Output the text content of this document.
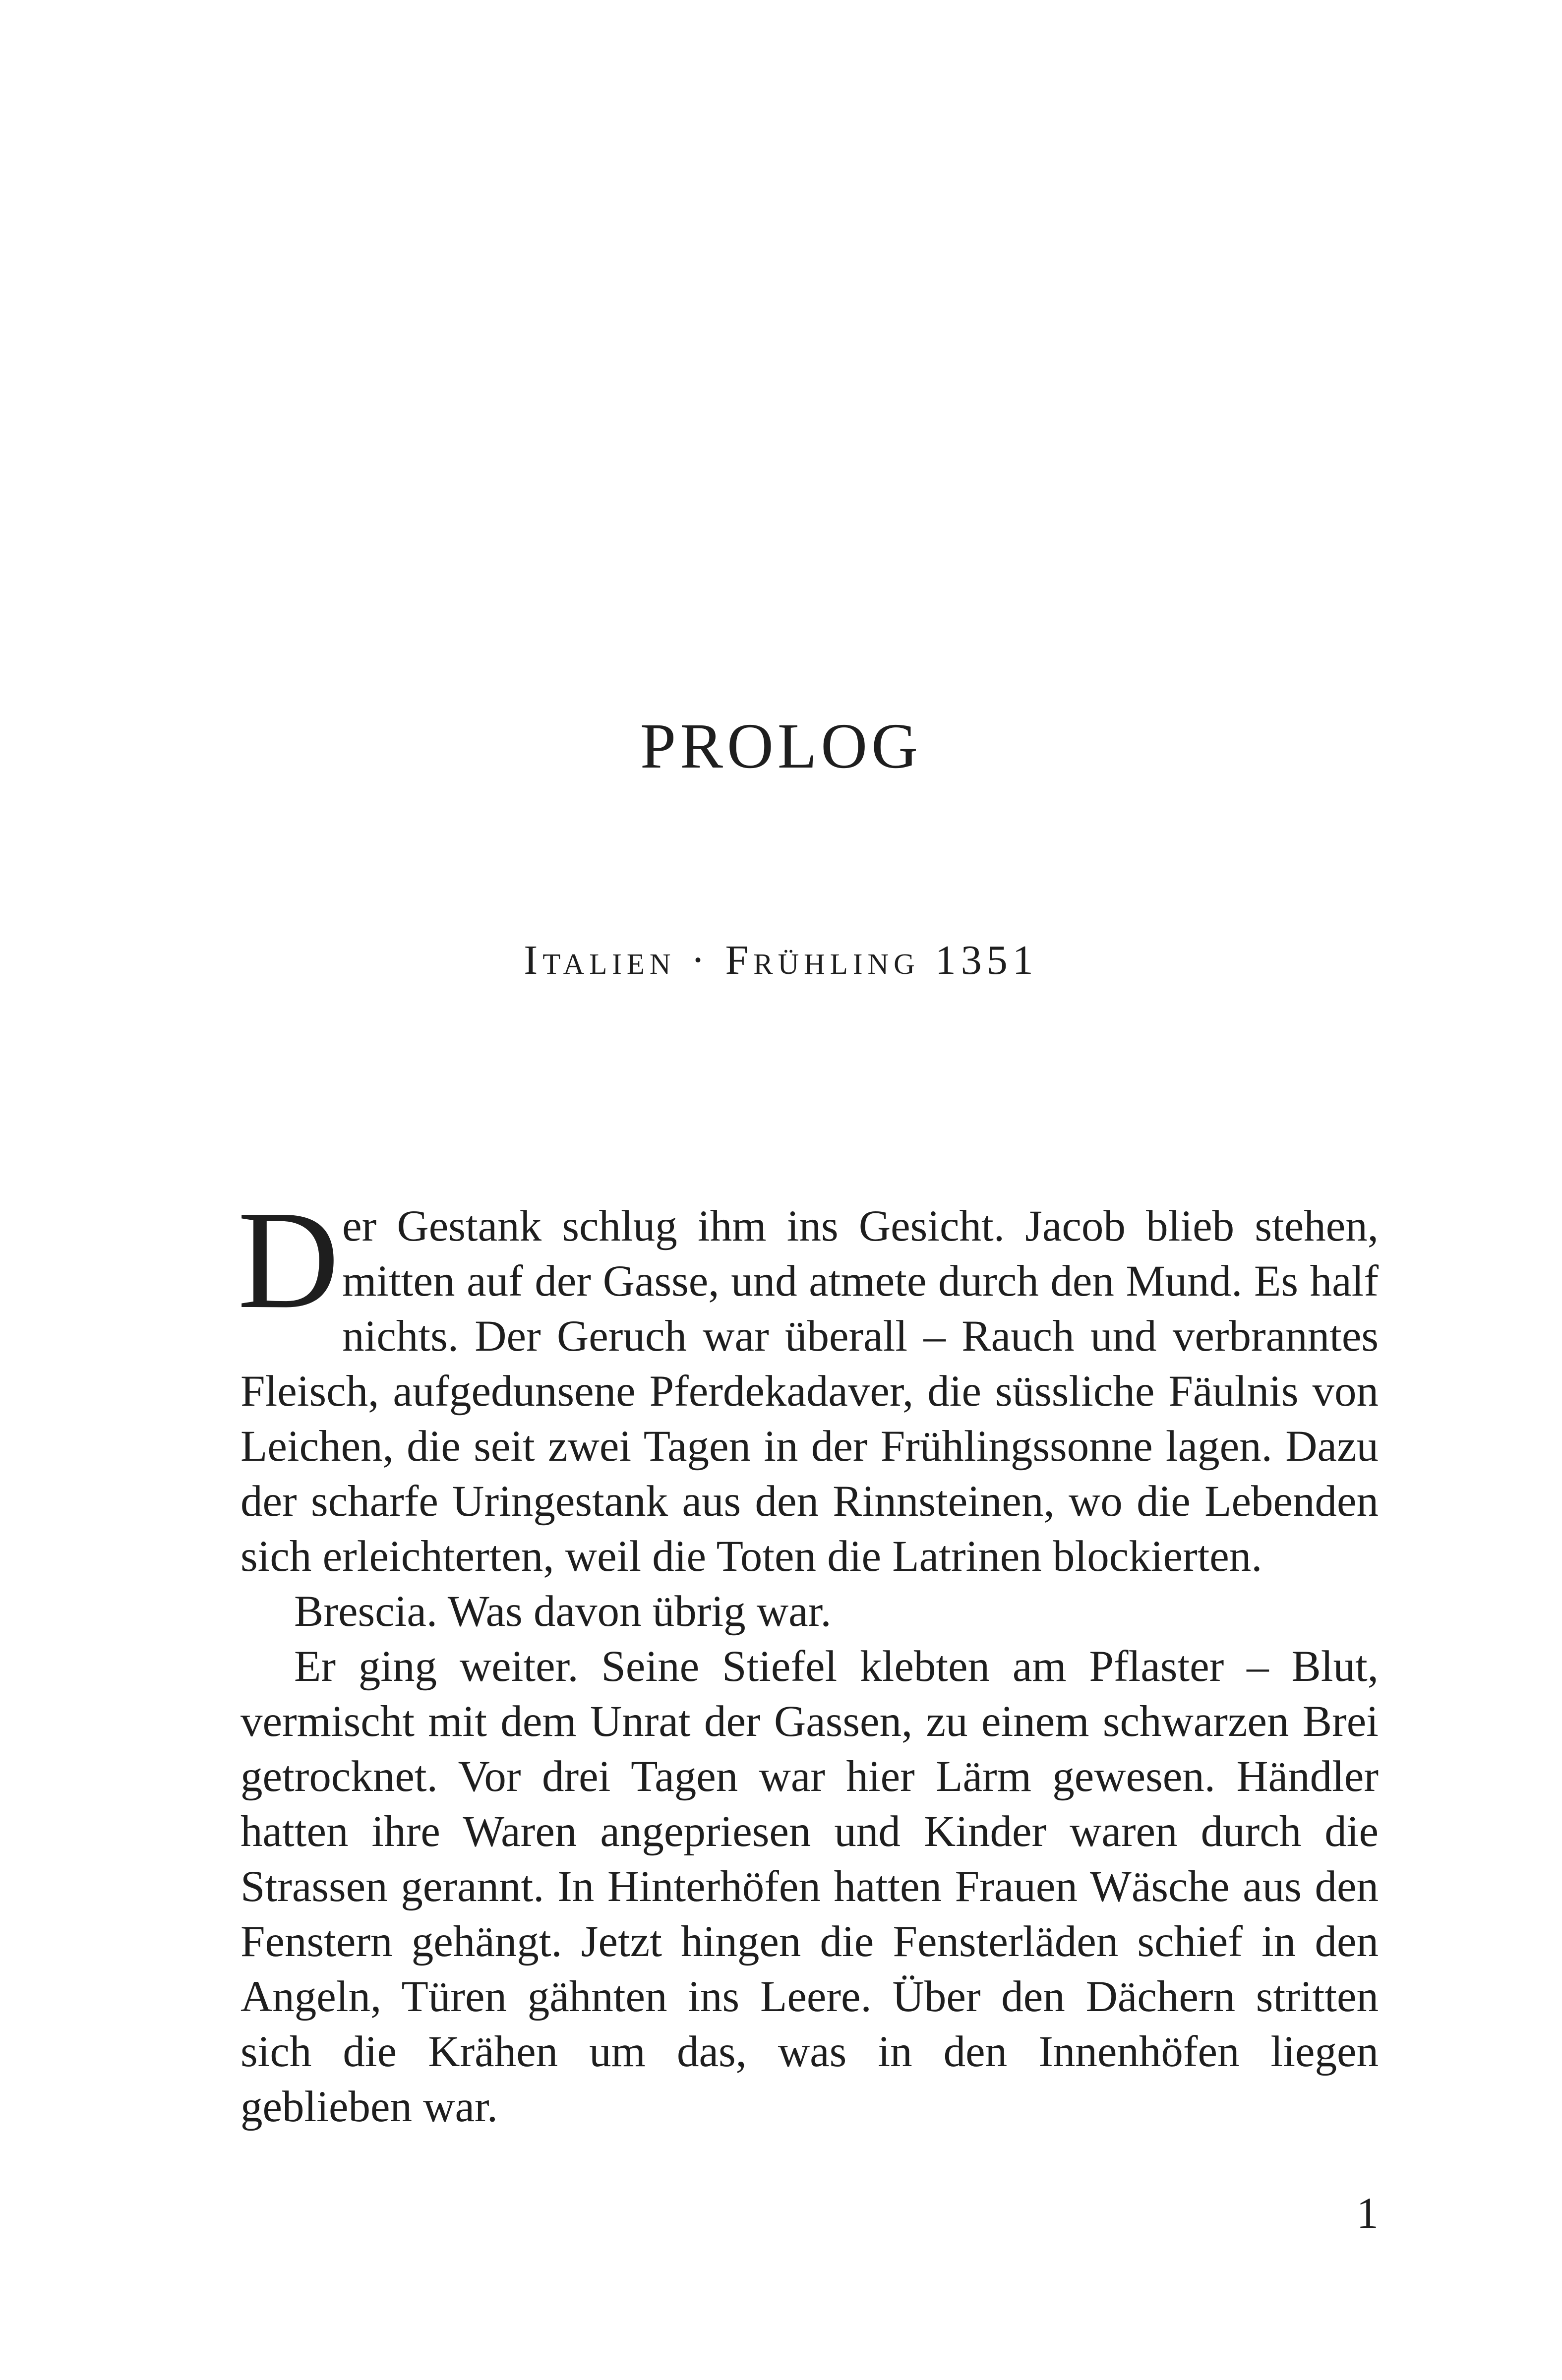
PROLOG
Italien · Frühling 1351

Der Gestank schlug ihm ins Gesicht. Jacob blieb stehen, mitten auf der Gasse, und atmete durch den Mund. Es half nichts. Der Geruch war überall – Rauch und verbranntes Fleisch, aufgedunsene Pferdekadaver, die süssliche Fäulnis von Leichen, die seit zwei Tagen in der Frühlingssonne lagen. Dazu der scharfe Uringestank aus den Rinnsteinen, wo die Lebenden sich erleichterten, weil die Toten die Latrinen blockierten.

Brescia. Was davon übrig war.

Er ging weiter. Seine Stiefel klebten am Pflaster – Blut, vermischt mit dem Unrat der Gassen, zu einem schwarzen Brei getrocknet. Vor drei Tagen war hier Lärm gewesen. Händler hatten ihre Waren angepriesen und Kinder waren durch die Strassen gerannt. In Hinterhöfen hatten Frauen Wäsche aus den Fenstern gehängt. Jetzt hingen die Fensterläden schief in den Angeln, Türen gähnten ins Leere. Über den Dächern stritten sich die Krähen um das, was in den Innenhöfen liegen geblieben war.

1
